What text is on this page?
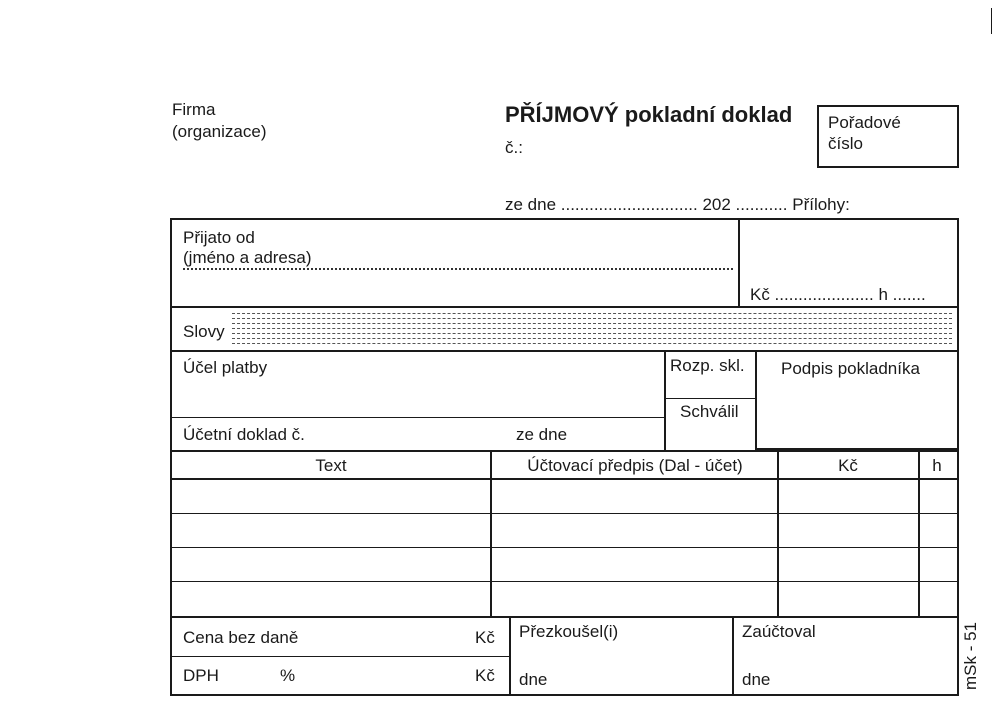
Firma
(organizace)
PŘÍJMOVÝ pokladní doklad
č.:
Pořadové
číslo
ze dne ............................. 202 ........... Přílohy:
Přijato od
(jméno a adresa)
Kč ..................... h .......
Slovy
Účel platby
Účetní doklad č.	ze dne
Rozp. skl.
Schválil
Podpis pokladníka
Text	Účtovací předpis (Dal - účet)	Kč	h
Cena bez daně	Kč
DPH	%	Kč
Přezkoušel(i)
dne
Zaúčtoval
dne	mSk - 51
